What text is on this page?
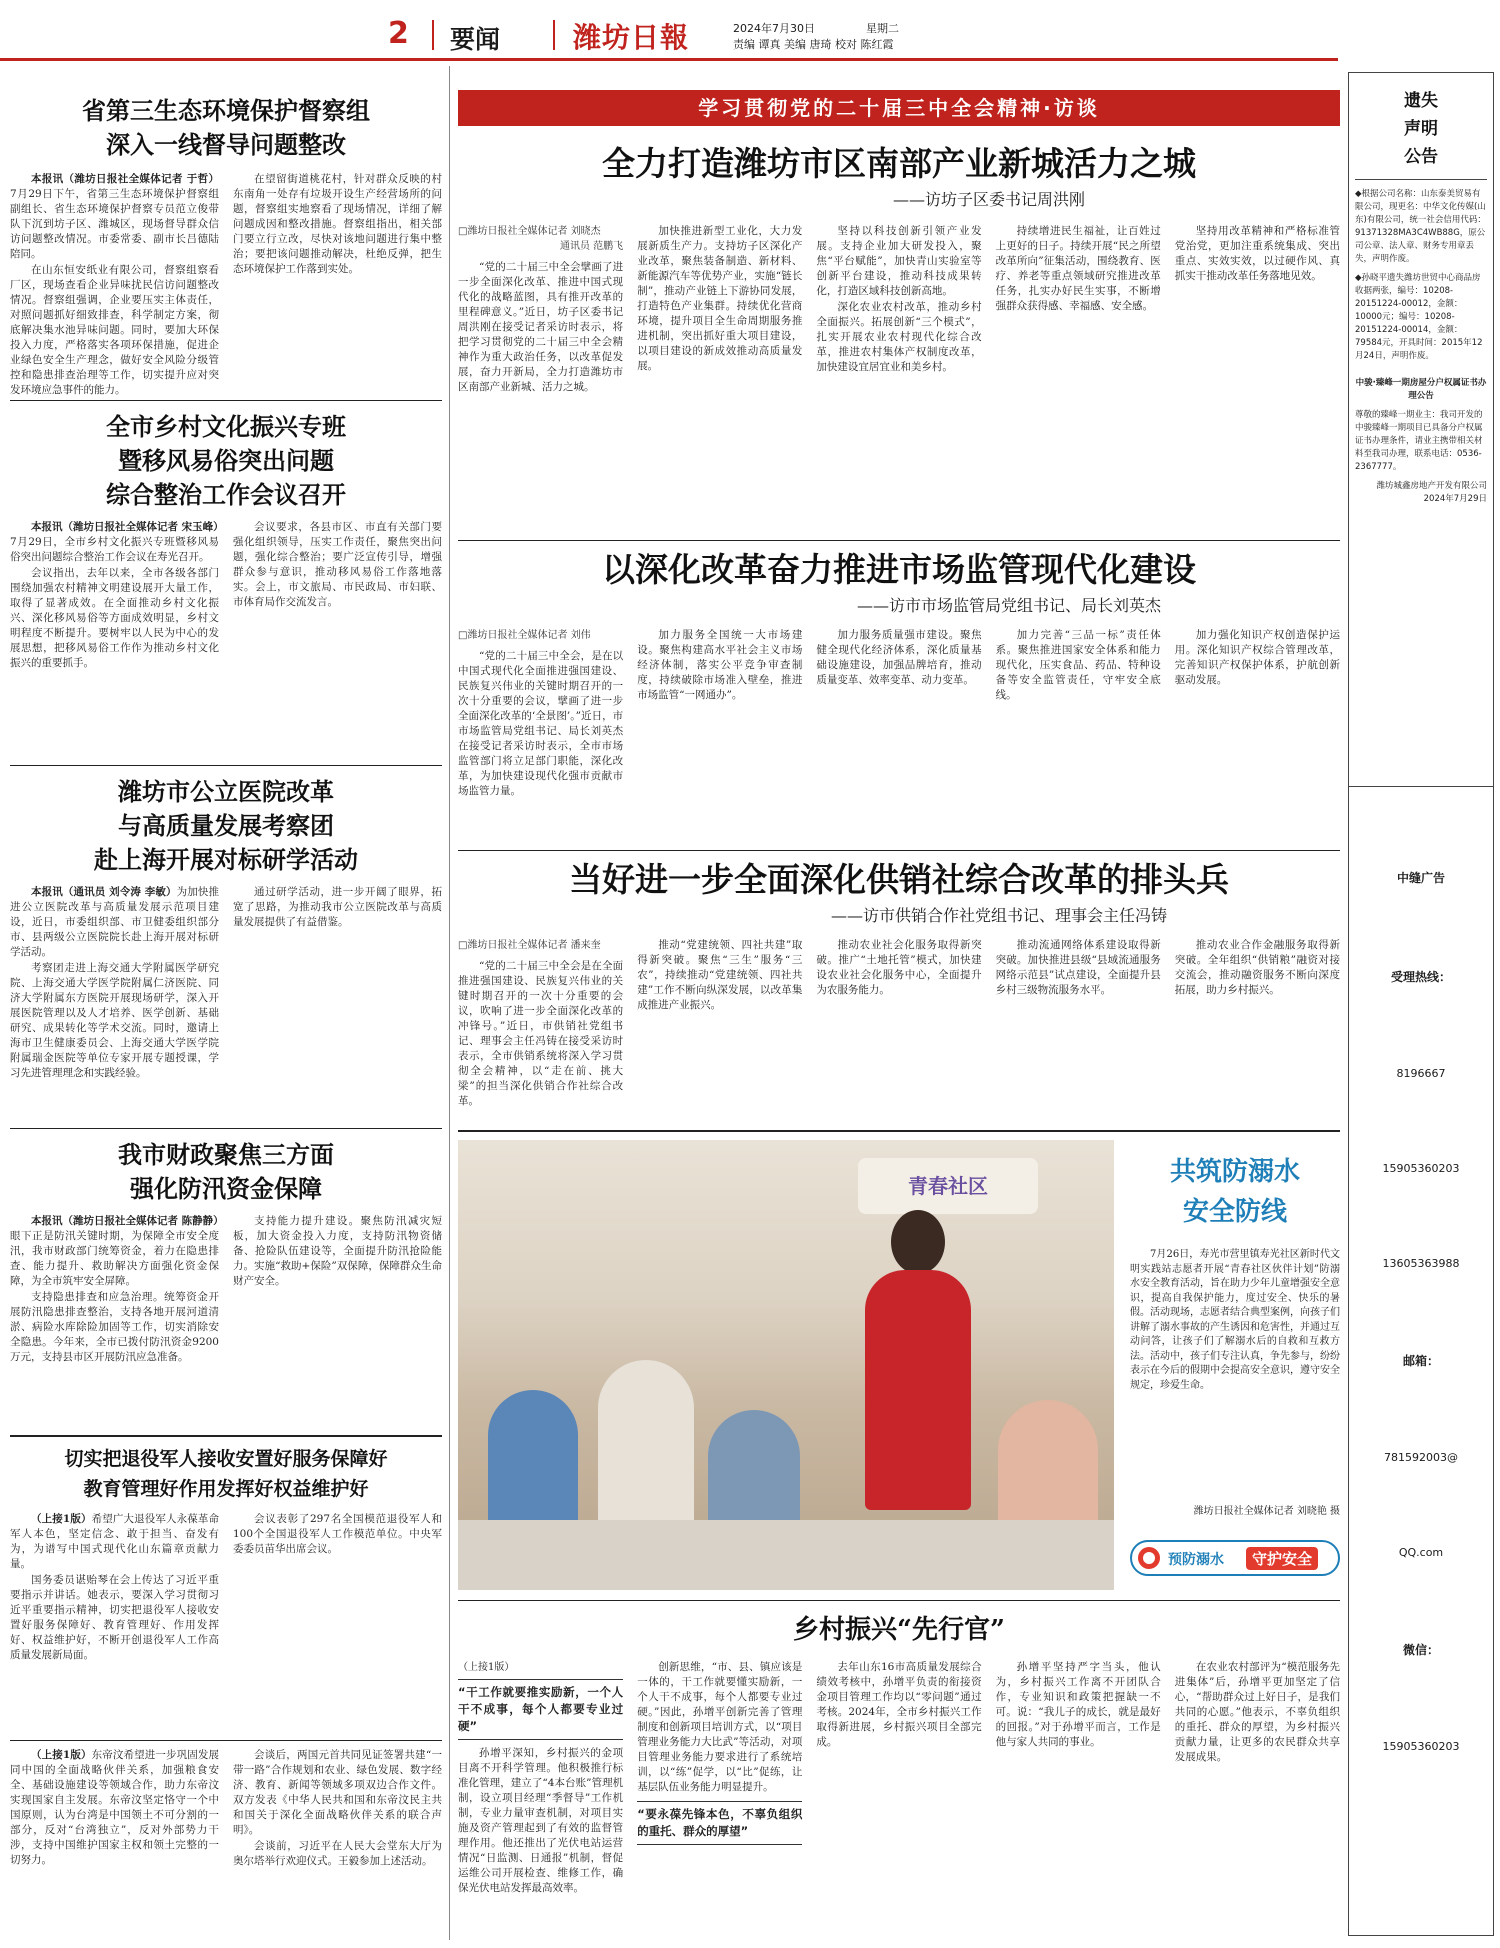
2 要闻	潍坊日報	2024年7月30日	星期二
责编 谭真 美编 唐琦 校对 陈红霞
省第三生态环境保护督察组
深入一线督导问题整改

本报讯（潍坊日报社全媒体记者 于哲）7月29日下午，省第三生态环境保护督察组副组长、省生态环境保护督察专员范立俊带队下沉到坊子区、潍城区，现场督导群众信访问题整改情况。市委常委、副市长吕德陆陪同。

在山东恒安纸业有限公司，督察组察看厂区，现场查看企业异味扰民信访问题整改情况。督察组强调，企业要压实主体责任，对照问题抓好细致排查，科学制定方案，彻底解决集水池异味问题。同时，要加大环保投入力度，严格落实各项环保措施，促进企业绿色安全生产理念，做好安全风险分级管控和隐患排查治理等工作，切实提升应对突发环境应急事件的能力。

在望留街道桃花村，针对群众反映的村东南角一处存有垃圾开设生产经营场所的问题，督察组实地察看了现场情况，详细了解问题成因和整改措施。督察组指出，相关部门要立行立改，尽快对该地问题进行集中整治；要把该问题推动解决，杜绝反弹，把生态环境保护工作落到实处。

全市乡村文化振兴专班
暨移风易俗突出问题
综合整治工作会议召开

本报讯（潍坊日报社全媒体记者 宋玉峰）7月29日，全市乡村文化振兴专班暨移风易俗突出问题综合整治工作会议在寿光召开。

会议指出，去年以来，全市各级各部门围绕加强农村精神文明建设展开大量工作，取得了显著成效。在全面推动乡村文化振兴、深化移风易俗等方面成效明显，乡村文明程度不断提升。要树牢以人民为中心的发展思想，把移风易俗工作作为推动乡村文化振兴的重要抓手。

会议要求，各县市区、市直有关部门要强化组织领导，压实工作责任，聚焦突出问题，强化综合整治；要广泛宣传引导，增强群众参与意识，推动移风易俗工作落地落实。会上，市文旅局、市民政局、市妇联、市体育局作交流发言。

潍坊市公立医院改革
与高质量发展考察团
赴上海开展对标研学活动

本报讯（通讯员 刘令涛 李敏）为加快推进公立医院改革与高质量发展示范项目建设，近日，市委组织部、市卫健委组织部分市、县两级公立医院院长赴上海开展对标研学活动。

考察团走进上海交通大学附属医学研究院、上海交通大学医学院附属仁济医院、同济大学附属东方医院开展现场研学，深入开展医院管理以及人才培养、医学创新、基础研究、成果转化等学术交流。同时，邀请上海市卫生健康委员会、上海交通大学医学院附属瑞金医院等单位专家开展专题授课，学习先进管理理念和实践经验。

通过研学活动，进一步开阔了眼界，拓宽了思路，为推动我市公立医院改革与高质量发展提供了有益借鉴。

我市财政聚焦三方面
强化防汛资金保障

本报讯（潍坊日报社全媒体记者 陈静静）眼下正是防汛关键时期，为保障全市安全度汛，我市财政部门统筹资金，着力在隐患排查、能力提升、救助解决方面强化资金保障，为全市筑牢安全屏障。

支持隐患排查和应急治理。统筹资金开展防汛隐患排查整治，支持各地开展河道清淤、病险水库除险加固等工作，切实消除安全隐患。今年来，全市已拨付防汛资金9200万元，支持县市区开展防汛应急准备。

支持能力提升建设。聚焦防汛减灾短板，加大资金投入力度，支持防汛物资储备、抢险队伍建设等，全面提升防汛抢险能力。实施“救助+保险”双保障，保障群众生命财产安全。

切实把退役军人接收安置好服务保障好
教育管理好作用发挥好权益维护好

（上接1版）希望广大退役军人永葆革命军人本色，坚定信念、敢于担当、奋发有为，为谱写中国式现代化山东篇章贡献力量。

国务委员谌贻琴在会上传达了习近平重要指示并讲话。她表示，要深入学习贯彻习近平重要指示精神，切实把退役军人接收安置好服务保障好、教育管理好、作用发挥好、权益维护好，不断开创退役军人工作高质量发展新局面。

会议表彰了297名全国模范退役军人和100个全国退役军人工作模范单位。中央军委委员苗华出席会议。

（上接1版）东帝汶希望进一步巩固发展同中国的全面战略伙伴关系，加强粮食安全、基础设施建设等领域合作，助力东帝汶实现国家自主发展。东帝汶坚定恪守一个中国原则，认为台湾是中国领土不可分割的一部分，反对“台湾独立”，反对外部势力干涉，支持中国维护国家主权和领土完整的一切努力。

会谈后，两国元首共同见证签署共建“一带一路”合作规划和农业、绿色发展、数字经济、教育、新闻等领域多项双边合作文件。双方发表《中华人民共和国和东帝汶民主共和国关于深化全面战略伙伴关系的联合声明》。

会谈前，习近平在人民大会堂东大厅为奥尔塔举行欢迎仪式。王毅参加上述活动。

学习贯彻党的二十届三中全会精神·访谈
全力打造潍坊市区南部产业新城活力之城
——访坊子区委书记周洪刚
□潍坊日报社全媒体记者 刘晓杰
通讯员 范鹏飞

“党的二十届三中全会擘画了进一步全面深化改革、推进中国式现代化的战略蓝图，具有推开改革的里程碑意义。”近日，坊子区委书记周洪刚在接受记者采访时表示，将把学习贯彻党的二十届三中全会精神作为重大政治任务，以改革促发展，奋力开新局，全力打造潍坊市区南部产业新城、活力之城。

加快推进新型工业化，大力发展新质生产力。支持坊子区深化产业改革，聚焦装备制造、新材料、新能源汽车等优势产业，实施“链长制”，推动产业链上下游协同发展，打造特色产业集群。持续优化营商环境，提升项目全生命周期服务推进机制，突出抓好重大项目建设，以项目建设的新成效推动高质量发展。

坚持以科技创新引领产业发展。支持企业加大研发投入，聚焦“平台赋能”，加快青山实验室等创新平台建设，推动科技成果转化，打造区域科技创新高地。

深化农业农村改革，推动乡村全面振兴。拓展创新“三个模式”，扎实开展农业农村现代化综合改革，推进农村集体产权制度改革，加快建设宜居宜业和美乡村。

持续增进民生福祉，让百姓过上更好的日子。持续开展“民之所望 改革所向”征集活动，围绕教育、医疗、养老等重点领域研究推进改革任务，扎实办好民生实事，不断增强群众获得感、幸福感、安全感。

坚持用改革精神和严格标准管党治党，更加注重系统集成、突出重点、实效实效，以过硬作风、真抓实干推动改革任务落地见效。

以深化改革奋力推进市场监管现代化建设
——访市市场监管局党组书记、局长刘英杰
□潍坊日报社全媒体记者 刘伟

“党的二十届三中全会，是在以中国式现代化全面推进强国建设、民族复兴伟业的关键时期召开的一次十分重要的会议，擘画了进一步全面深化改革的‘全景图’。”近日，市市场监管局党组书记、局长刘英杰在接受记者采访时表示，全市市场监管部门将立足部门职能，深化改革，为加快建设现代化强市贡献市场监管力量。

加力服务全国统一大市场建设。聚焦构建高水平社会主义市场经济体制，落实公平竞争审查制度，持续破除市场准入壁垒，推进市场监管“一网通办”。

加力服务质量强市建设。聚焦健全现代化经济体系，深化质量基础设施建设，加强品牌培育，推动质量变革、效率变革、动力变革。

加力完善“三品一标”责任体系。聚焦推进国家安全体系和能力现代化，压实食品、药品、特种设备等安全监管责任，守牢安全底线。

加力强化知识产权创造保护运用。深化知识产权综合管理改革，完善知识产权保护体系，护航创新驱动发展。

当好进一步全面深化供销社综合改革的排头兵
——访市供销合作社党组书记、理事会主任冯铸
□潍坊日报社全媒体记者 潘来奎

“党的二十届三中全会是在全面推进强国建设、民族复兴伟业的关键时期召开的一次十分重要的会议，吹响了进一步全面深化改革的冲锋号。”近日，市供销社党组书记、理事会主任冯铸在接受采访时表示，全市供销系统将深入学习贯彻全会精神，以“走在前、挑大梁”的担当深化供销合作社综合改革。

推动“党建统领、四社共建”取得新突破。聚焦“三生”服务“三农”，持续推动“党建统领、四社共建”工作不断向纵深发展，以改革集成推进产业振兴。

推动农业社会化服务取得新突破。推广“土地托管”模式，加快建设农业社会化服务中心，全面提升为农服务能力。

推动流通网络体系建设取得新突破。加快推进县级“县域流通服务网络示范县”试点建设，全面提升县乡村三级物流服务水平。

推动农业合作金融服务取得新突破。全年组织“供销粮”融资对接交流会，推动融资服务不断向深度拓展，助力乡村振兴。

青春社区	共筑防溺水
安全防线

7月26日，寿光市营里镇寿光社区新时代文明实践站志愿者开展“青春社区伙伴计划”防溺水安全教育活动，旨在助力少年儿童增强安全意识，提高自我保护能力，度过安全、快乐的暑假。活动现场，志愿者结合典型案例，向孩子们讲解了溺水事故的产生诱因和危害性，并通过互动问答，让孩子们了解溺水后的自救和互救方法。活动中，孩子们专注认真，争先参与，纷纷表示在今后的假期中会提高安全意识，遵守安全规定，珍爱生命。

潍坊日报社全媒体记者 刘晓艳 摄
预防溺水	守护安全
乡村振兴“先行官”
（上接1版）
“干工作就要推实励新，一个人干不成事，每个人都要专业过硬”

孙增平深知，乡村振兴的金项目离不开科学管理。他积极推行标准化管理，建立了“4本台账”管理机制，设立项目经理“季督导”工作机制，专业力量审查机制，对项目实施及资产管理起到了有效的监督管理作用。他还推出了光伏电站运营情况“日监测、日通报”机制，督促运维公司开展检查、维修工作，确保光伏电站发挥最高效率。

创新思维，“市、县、镇应该是一体的，干工作就要懂实励新，一个人干不成事，每个人都要专业过硬。”因此，孙增平创新完善了管理制度和创新项目培训方式，以“项目管理业务能力大比武”等活动，对项目管理业务能力要求进行了系统培训，以“练”促学，以“比”促练，让基层队伍业务能力明显提升。

“要永葆先锋本色，不辜负组织的重托、群众的厚望”

去年山东16市高质量发展综合绩效考核中，孙增平负责的衔接资金项目管理工作均以“零问题”通过考核。2024年，全市乡村振兴工作取得新进展，乡村振兴项目全部完成。

孙增平坚持严字当头，他认为，乡村振兴工作离不开团队合作，专业知识和政策把握缺一不可。说：“我儿子的成长，就是最好的回报。”对于孙增平而言，工作是他与家人共同的事业。

在农业农村部评为“模范服务先进集体”后，孙增平更加坚定了信心，“帮助群众过上好日子，是我们共同的心愿。”他表示，不辜负组织的重托、群众的厚望，为乡村振兴贡献力量，让更多的农民群众共享发展成果。

遗失
声明
公告

◆根据公司名称：山东泰美贸易有限公司，现更名：中华文化传媒(山东)有限公司，统一社会信用代码：91371328MA3C4WB88G，原公司公章、法人章、财务专用章丢失，声明作废。

◆孙晓平遗失潍坊世贸中心商品房收据两张，编号：10208-20151224-00012，金额：10000元；编号：10208-20151224-00014，金额：79584元，开具时间：2015年12月24日，声明作废。

中骏·臻峰一期房屋分户权属证书办理公告

尊敬的臻峰一期业主：我司开发的中骏臻峰一期项目已具备分户权属证书办理条件，请业主携带相关材料至我司办理，联系电话：0536-2367777。

潍坊城鑫房地产开发有限公司

2024年7月29日

中缝广告
受理热线：
8196667
15905360203
13605363988
邮箱：
781592003@
QQ.com
微信：
15905360203
